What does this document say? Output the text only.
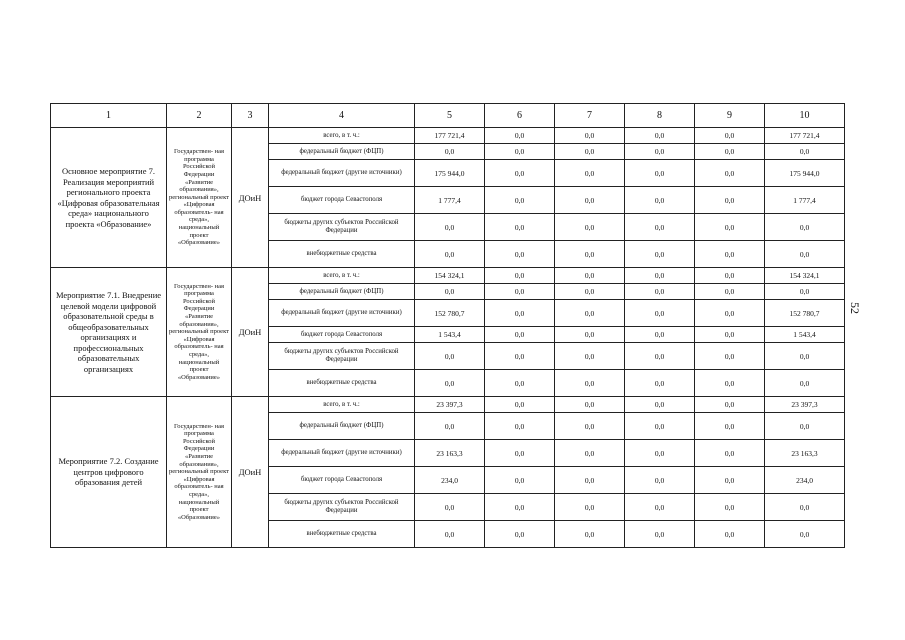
1	2	3	4	5	6	7	8	9	10
Основное мероприятие 7. Реализация мероприятий регионального проекта «Цифровая образовательная среда» национального проекта «Образование»	Государствен- ная программа Российской Федерации «Развитие образования», региональный проект «Цифровая образователь- ная среда», национальный проект «Образование»	ДОиН	всего, в т. ч.:	177 721,4	0,0	0,0	0,0	0,0	177 721,4
			федеральный бюджет (ФЦП)	0,0	0,0	0,0	0,0	0,0	0,0
			федеральный бюджет (другие источники)	175 944,0	0,0	0,0	0,0	0,0	175 944,0
			бюджет города Севастополя	1 777,4	0,0	0,0	0,0	0,0	1 777,4
			бюджеты других субъектов Российской Федерации	0,0	0,0	0,0	0,0	0,0	0,0
			внебюджетные средства	0,0	0,0	0,0	0,0	0,0	0,0
Мероприятие 7.1. Внедрение целевой модели цифровой образовательной среды в общеобразовательных организациях и профессиональных образовательных организациях	Государствен- ная программа Российской Федерации «Развитие образования», региональный проект «Цифровая образователь- ная среда», национальный проект «Образование»	ДОиН	всего, в т. ч.:	154 324,1	0,0	0,0	0,0	0,0	154 324,1
			федеральный бюджет (ФЦП)	0,0	0,0	0,0	0,0	0,0	0,0
			федеральный бюджет (другие источники)	152 780,7	0,0	0,0	0,0	0,0	152 780,7
			бюджет города Севастополя	1 543,4	0,0	0,0	0,0	0,0	1 543,4
			бюджеты других субъектов Российской Федерации	0,0	0,0	0,0	0,0	0,0	0,0
			внебюджетные средства	0,0	0,0	0,0	0,0	0,0	0,0
Мероприятие 7.2. Создание центров цифрового образования детей	Государствен- ная программа Российской Федерации «Развитие образования», региональный проект «Цифровая образователь- ная среда», национальный проект «Образование»	ДОиН	всего, в т. ч.:	23 397,3	0,0	0,0	0,0	0,0	23 397,3
			федеральный бюджет (ФЦП)	0,0	0,0	0,0	0,0	0,0	0,0
			федеральный бюджет (другие источники)	23 163,3	0,0	0,0	0,0	0,0	23 163,3
			бюджет города Севастополя	234,0	0,0	0,0	0,0	0,0	234,0
			бюджеты других субъектов Российской Федерации	0,0	0,0	0,0	0,0	0,0	0,0
			внебюджетные средства	0,0	0,0	0,0	0,0	0,0	0,0
52
